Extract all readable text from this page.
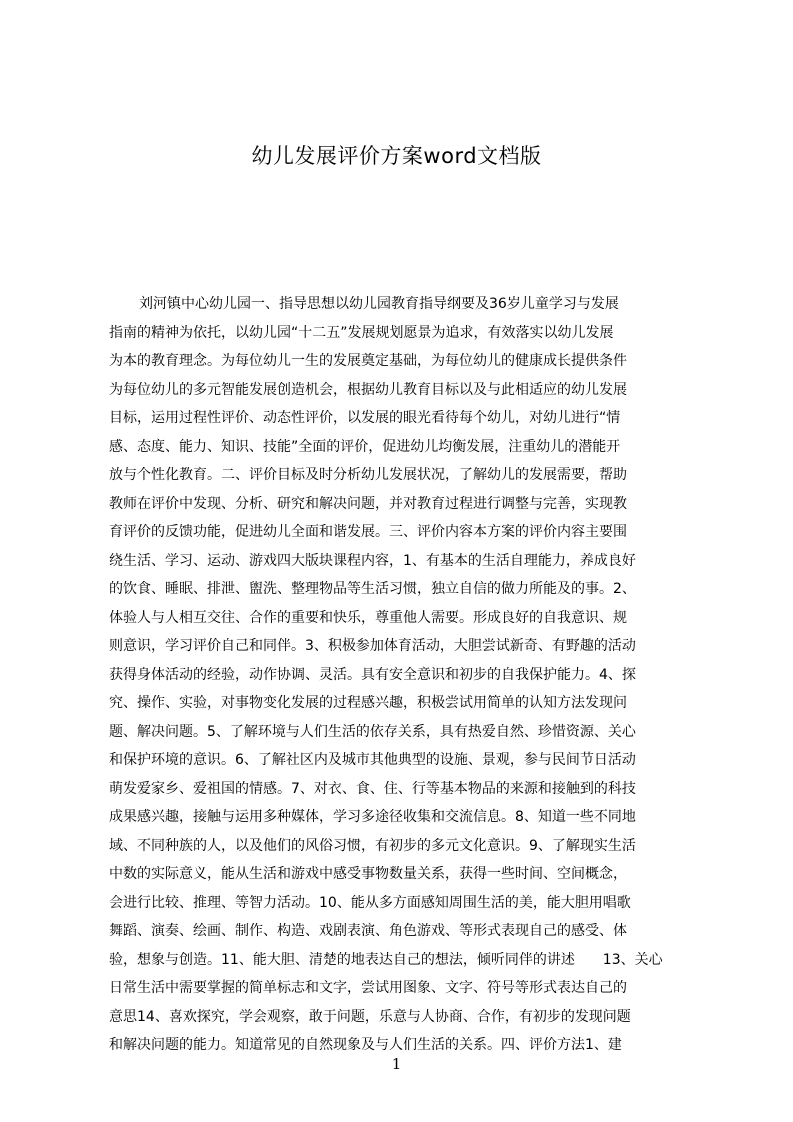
幼儿发展评价方案word文档版
刘河镇中心幼儿园一、指导思想以幼儿园教育指导纲要及36岁儿童学习与发展
指南的精神为依托，以幼儿园“十二五”发展规划愿景为追求，有效落实以幼儿发展
为本的教育理念。为每位幼儿一生的发展奠定基础，为每位幼儿的健康成长提供条件
为每位幼儿的多元智能发展创造机会，根据幼儿教育目标以及与此相适应的幼儿发展
目标，运用过程性评价、动态性评价，以发展的眼光看待每个幼儿，对幼儿进行“情
感、态度、能力、知识、技能”全面的评价，促进幼儿均衡发展，注重幼儿的潜能开
放与个性化教育。二、评价目标及时分析幼儿发展状况，了解幼儿的发展需要，帮助
教师在评价中发现、分析、研究和解决问题，并对教育过程进行调整与完善，实现教
育评价的反馈功能，促进幼儿全面和谐发展。三、评价内容本方案的评价内容主要围
绕生活、学习、运动、游戏四大版块课程内容，1、有基本的生活自理能力，养成良好
的饮食、睡眠、排泄、盥洗、整理物品等生活习惯，独立自信的做力所能及的事。2、
体验人与人相互交往、合作的重要和快乐，尊重他人需要。形成良好的自我意识、规
则意识，学习评价自己和同伴。3、积极参加体育活动，大胆尝试新奇、有野趣的活动
获得身体活动的经验，动作协调、灵活。具有安全意识和初步的自我保护能力。4、探
究、操作、实验，对事物变化发展的过程感兴趣，积极尝试用简单的认知方法发现问
题、解决问题。5、了解环境与人们生活的依存关系，具有热爱自然、珍惜资源、关心
和保护环境的意识。6、了解社区内及城市其他典型的设施、景观，参与民间节日活动
萌发爱家乡、爱祖国的情感。7、对衣、食、住、行等基本物品的来源和接触到的科技
成果感兴趣，接触与运用多种媒体，学习多途径收集和交流信息。8、知道一些不同地
域、不同种族的人，以及他们的风俗习惯，有初步的多元文化意识。9、了解现实生活
中数的实际意义，能从生活和游戏中感受事物数量关系，获得一些时间、空间概念，
会进行比较、推理、等智力活动。10、能从多方面感知周围生活的美，能大胆用唱歌
舞蹈、演奏、绘画、制作、构造、戏剧表演、角色游戏、等形式表现自己的感受、体
验，想象与创造。11、能大胆、清楚的地表达自己的想法，倾听同伴的讲述　　13、关心
日常生活中需要掌握的简单标志和文字，尝试用图象、文字、符号等形式表达自己的
意思14、喜欢探究，学会观察，敢于问题，乐意与人协商、合作，有初步的发现问题
和解决问题的能力。知道常见的自然现象及与人们生活的关系。四、评价方法1、建
1
